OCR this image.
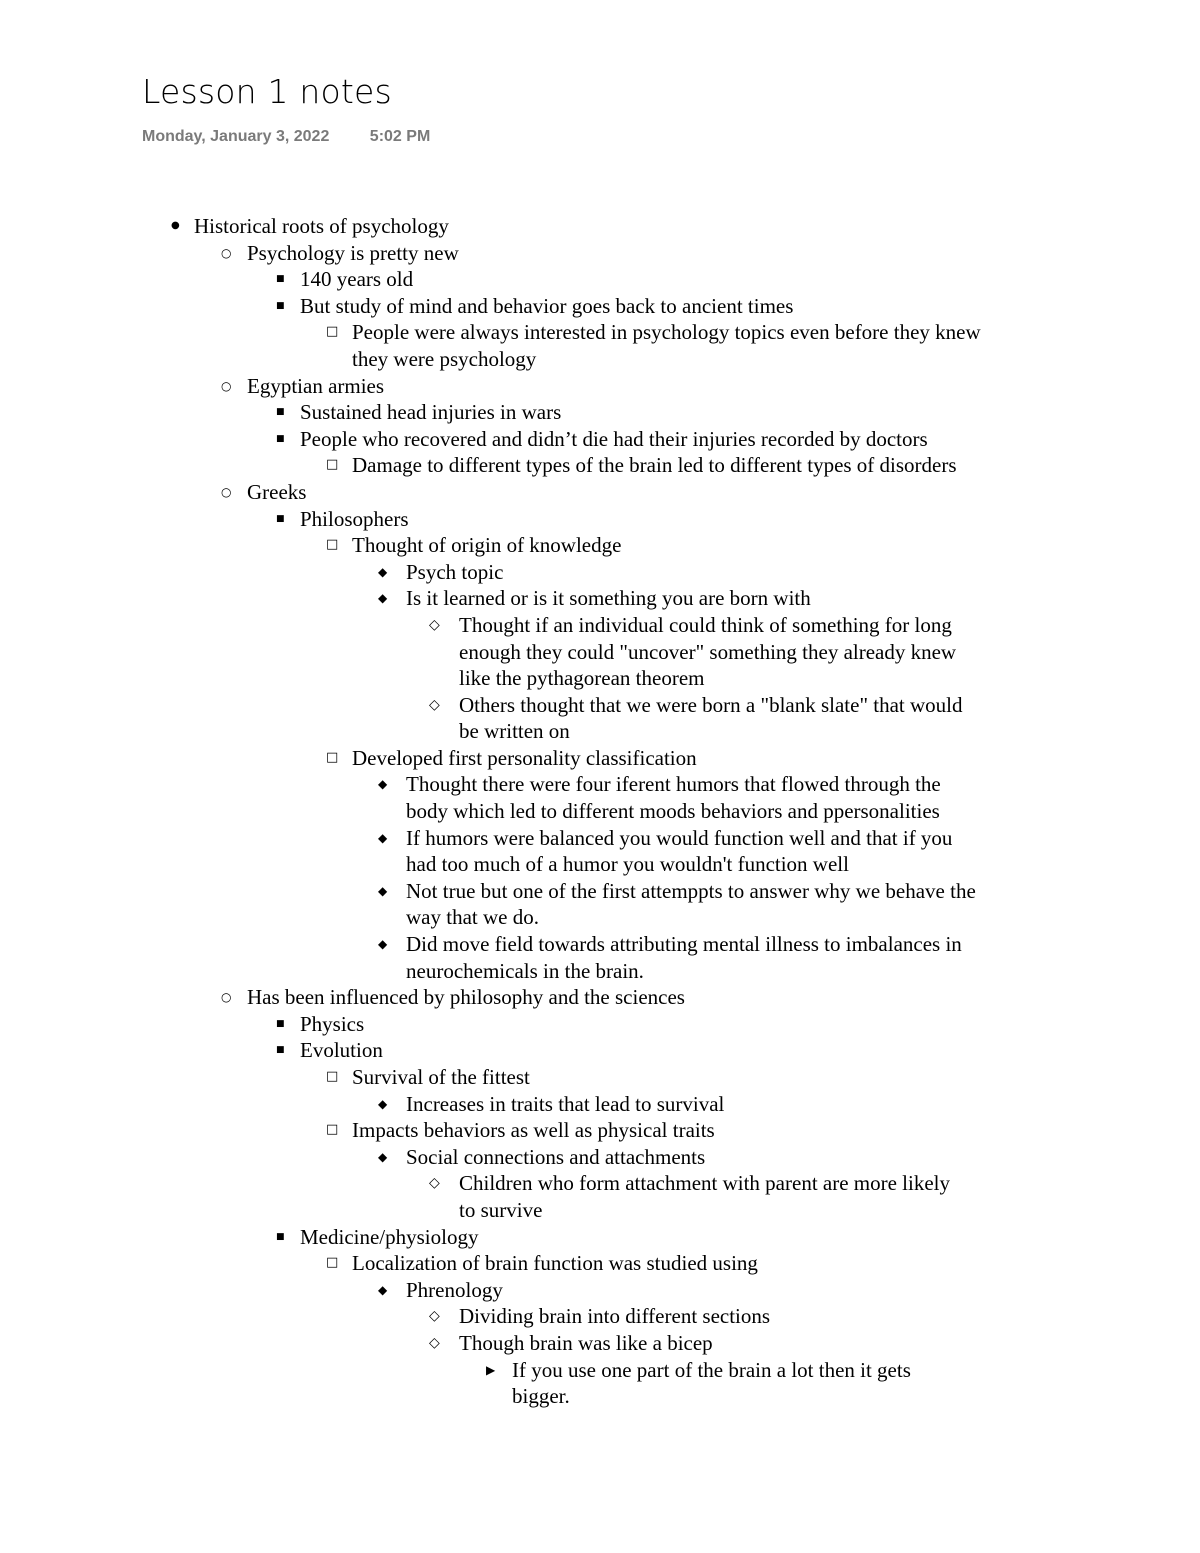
Lesson 1 notes
Monday, January 3, 2022	5:02 PM
● Historical roots of psychology
○ Psychology is pretty new
■ 140 years old
■ But study of mind and behavior goes back to ancient times
□ People were always interested in psychology topics even before they knew they were psychology
○ Egyptian armies
■ Sustained head injuries in wars
■ People who recovered and didn’t die had their injuries recorded by doctors
□ Damage to different types of the brain led to different types of disorders
○ Greeks
■ Philosophers
□ Thought of origin of knowledge
◆ Psych topic
◆ Is it learned or is it something you are born with
◇ Thought if an individual could think of something for long enough they could "uncover" something they already knew like the pythagorean theorem
◇ Others thought that we were born a "blank slate" that would be written on
□ Developed first personality classification
◆ Thought there were four iferent humors that flowed through the body which led to different moods behaviors and ppersonalities
◆ If humors were balanced you would function well and that if you had too much of a humor you wouldn't function well
◆ Not true but one of the first attemppts to answer why we behave the way that we do.
◆ Did move field towards attributing mental illness to imbalances in neurochemicals in the brain.
○ Has been influenced by philosophy and the sciences
■ Physics
■ Evolution
□ Survival of the fittest
◆ Increases in traits that lead to survival
□ Impacts behaviors as well as physical traits
◆ Social connections and attachments
◇ Children who form attachment with parent are more likely to survive
■ Medicine/physiology
□ Localization of brain function was studied using
◆ Phrenology
◇ Dividing brain into different sections
◇ Though brain was like a bicep
▶ If you use one part of the brain a lot then it gets bigger.
